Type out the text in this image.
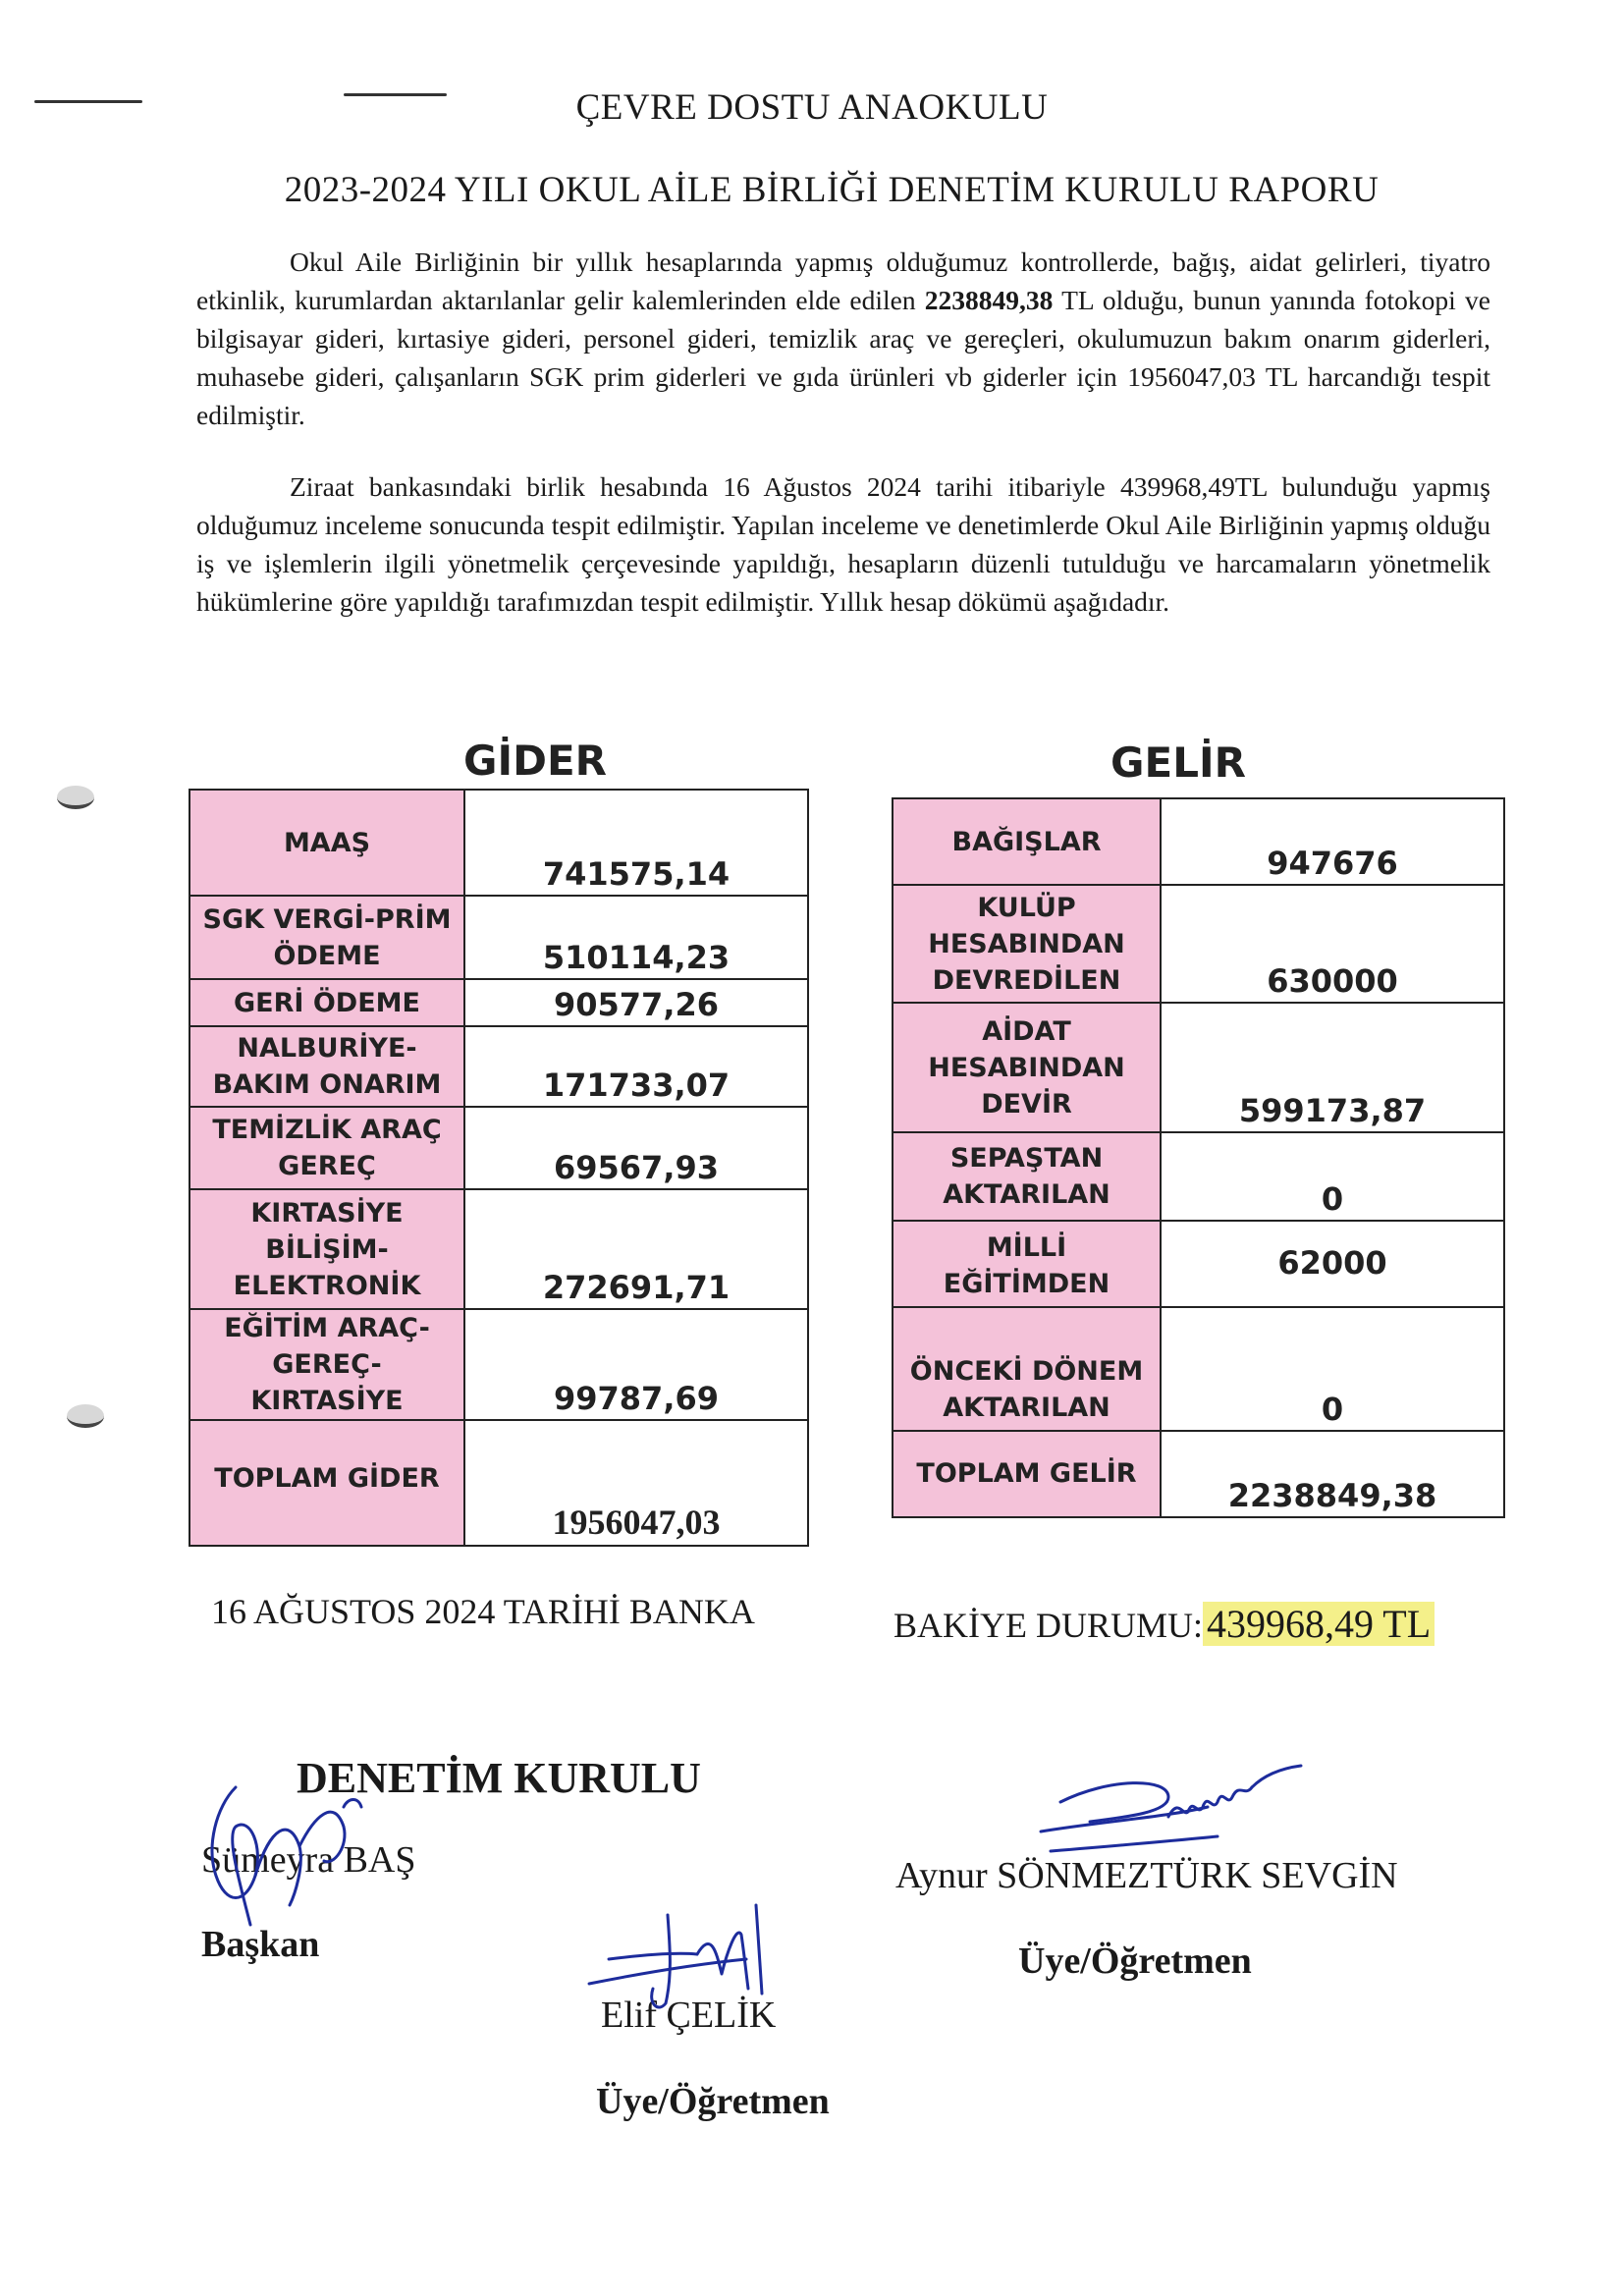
ÇEVRE DOSTU ANAOKULU
2023-2024 YILI OKUL AİLE BİRLİĞİ DENETİM KURULU RAPORU

Okul Aile Birliğinin bir yıllık hesaplarında yapmış olduğumuz kontrollerde, bağış, aidat gelirleri, tiyatro etkinlik, kurumlardan aktarılanlar gelir kalemlerinden elde edilen 2238849,38 TL olduğu, bunun yanında fotokopi ve bilgisayar gideri, kırtasiye gideri, personel gideri, temizlik araç ve gereçleri, okulumuzun bakım onarım giderleri, muhasebe gideri, çalışanların SGK prim giderleri ve gıda ürünleri vb giderler için 1956047,03 TL harcandığı tespit edilmiştir.

Ziraat bankasındaki birlik hesabında 16 Ağustos 2024 tarihi itibariyle 439968,49TL bulunduğu yapmış olduğumuz inceleme sonucunda tespit edilmiştir. Yapılan inceleme ve denetimlerde Okul Aile Birliğinin yapmış olduğu iş ve işlemlerin ilgili yönetmelik çerçevesinde yapıldığı, hesapların düzenli tutulduğu ve harcamaların yönetmelik hükümlerine göre yapıldığı tarafımızdan tespit edilmiştir. Yıllık hesap dökümü aşağıdadır.

GİDER
MAAŞ	741575,14
SGK VERGİ-PRİM ÖDEME	510114,23
GERİ ÖDEME	90577,26
NALBURİYE-BAKIM ONARIM	171733,07
TEMİZLİK ARAÇ GEREÇ	69567,93
KIRTASİYE BİLİŞİM-ELEKTRONİK	272691,71
EĞİTİM ARAÇ-GEREÇ- KIRTASİYE	99787,69
TOPLAM GİDER	1956047,03
GELİR
BAĞIŞLAR	947676
KULÜP HESABINDAN DEVREDİLEN	630000
AİDAT HESABINDAN DEVİR	599173,87
SEPAŞTAN AKTARILAN	0
MİLLİ EĞİTİMDEN	62000
ÖNCEKİ DÖNEM AKTARILAN	0
TOPLAM GELİR	2238849,38
16 AĞUSTOS 2024 TARİHİ BANKA	BAKİYE DURUMU: 439968,49 TL
DENETİM KURULU
Sümeyra BAŞ
Başkan
Elif ÇELİK
Üye/Öğretmen
Aynur SÖNMEZTÜRK SEVGİN
Üye/Öğretmen
